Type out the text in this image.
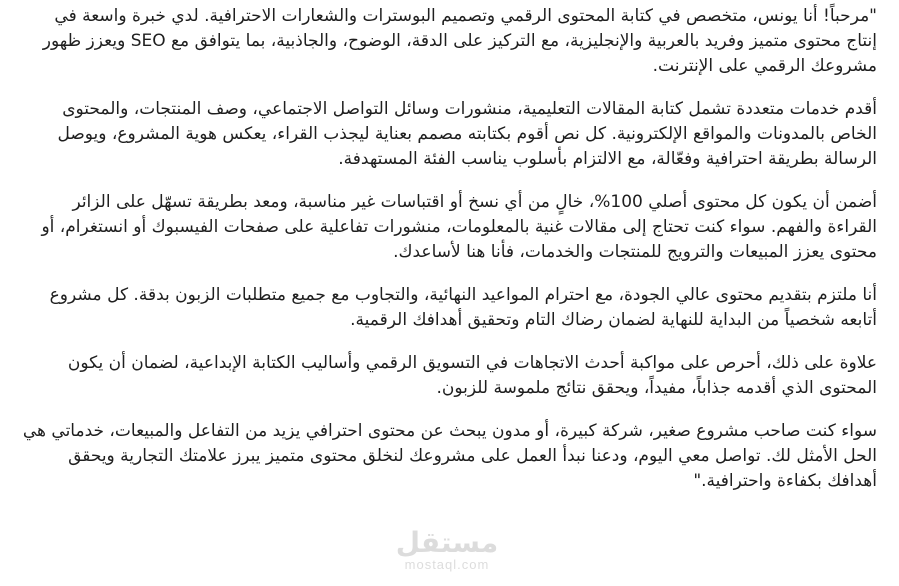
"مرحباً! أنا يونس، متخصص في كتابة المحتوى الرقمي وتصميم البوسترات والشعارات الاحترافية. لدي خبرة واسعة في إنتاج محتوى متميز وفريد بالعربية والإنجليزية، مع التركيز على الدقة، الوضوح، والجاذبية، بما يتوافق مع SEO ويعزز ظهور مشروعك الرقمي على الإنترنت.

أقدم خدمات متعددة تشمل كتابة المقالات التعليمية، منشورات وسائل التواصل الاجتماعي، وصف المنتجات، والمحتوى الخاص بالمدونات والمواقع الإلكترونية. كل نص أقوم بكتابته مصمم بعناية ليجذب القراء، يعكس هوية المشروع، ويوصل الرسالة بطريقة احترافية وفعّالة، مع الالتزام بأسلوب يناسب الفئة المستهدفة.

أضمن أن يكون كل محتوى أصلي 100%، خالٍ من أي نسخ أو اقتباسات غير مناسبة، ومعد بطريقة تسهّل على الزائر القراءة والفهم. سواء كنت تحتاج إلى مقالات غنية بالمعلومات، منشورات تفاعلية على صفحات الفيسبوك أو انستغرام، أو محتوى يعزز المبيعات والترويج للمنتجات والخدمات، فأنا هنا لأساعدك.

أنا ملتزم بتقديم محتوى عالي الجودة، مع احترام المواعيد النهائية، والتجاوب مع جميع متطلبات الزبون بدقة. كل مشروع أتابعه شخصياً من البداية للنهاية لضمان رضاك التام وتحقيق أهدافك الرقمية.

علاوة على ذلك، أحرص على مواكبة أحدث الاتجاهات في التسويق الرقمي وأساليب الكتابة الإبداعية، لضمان أن يكون المحتوى الذي أقدمه جذاباً، مفيداً، ويحقق نتائج ملموسة للزبون.

سواء كنت صاحب مشروع صغير، شركة كبيرة، أو مدون يبحث عن محتوى احترافي يزيد من التفاعل والمبيعات، خدماتي هي الحل الأمثل لك. تواصل معي اليوم، ودعنا نبدأ العمل على مشروعك لنخلق محتوى متميز يبرز علامتك التجارية ويحقق أهدافك بكفاءة واحترافية."

مستقل
mostaql.com
